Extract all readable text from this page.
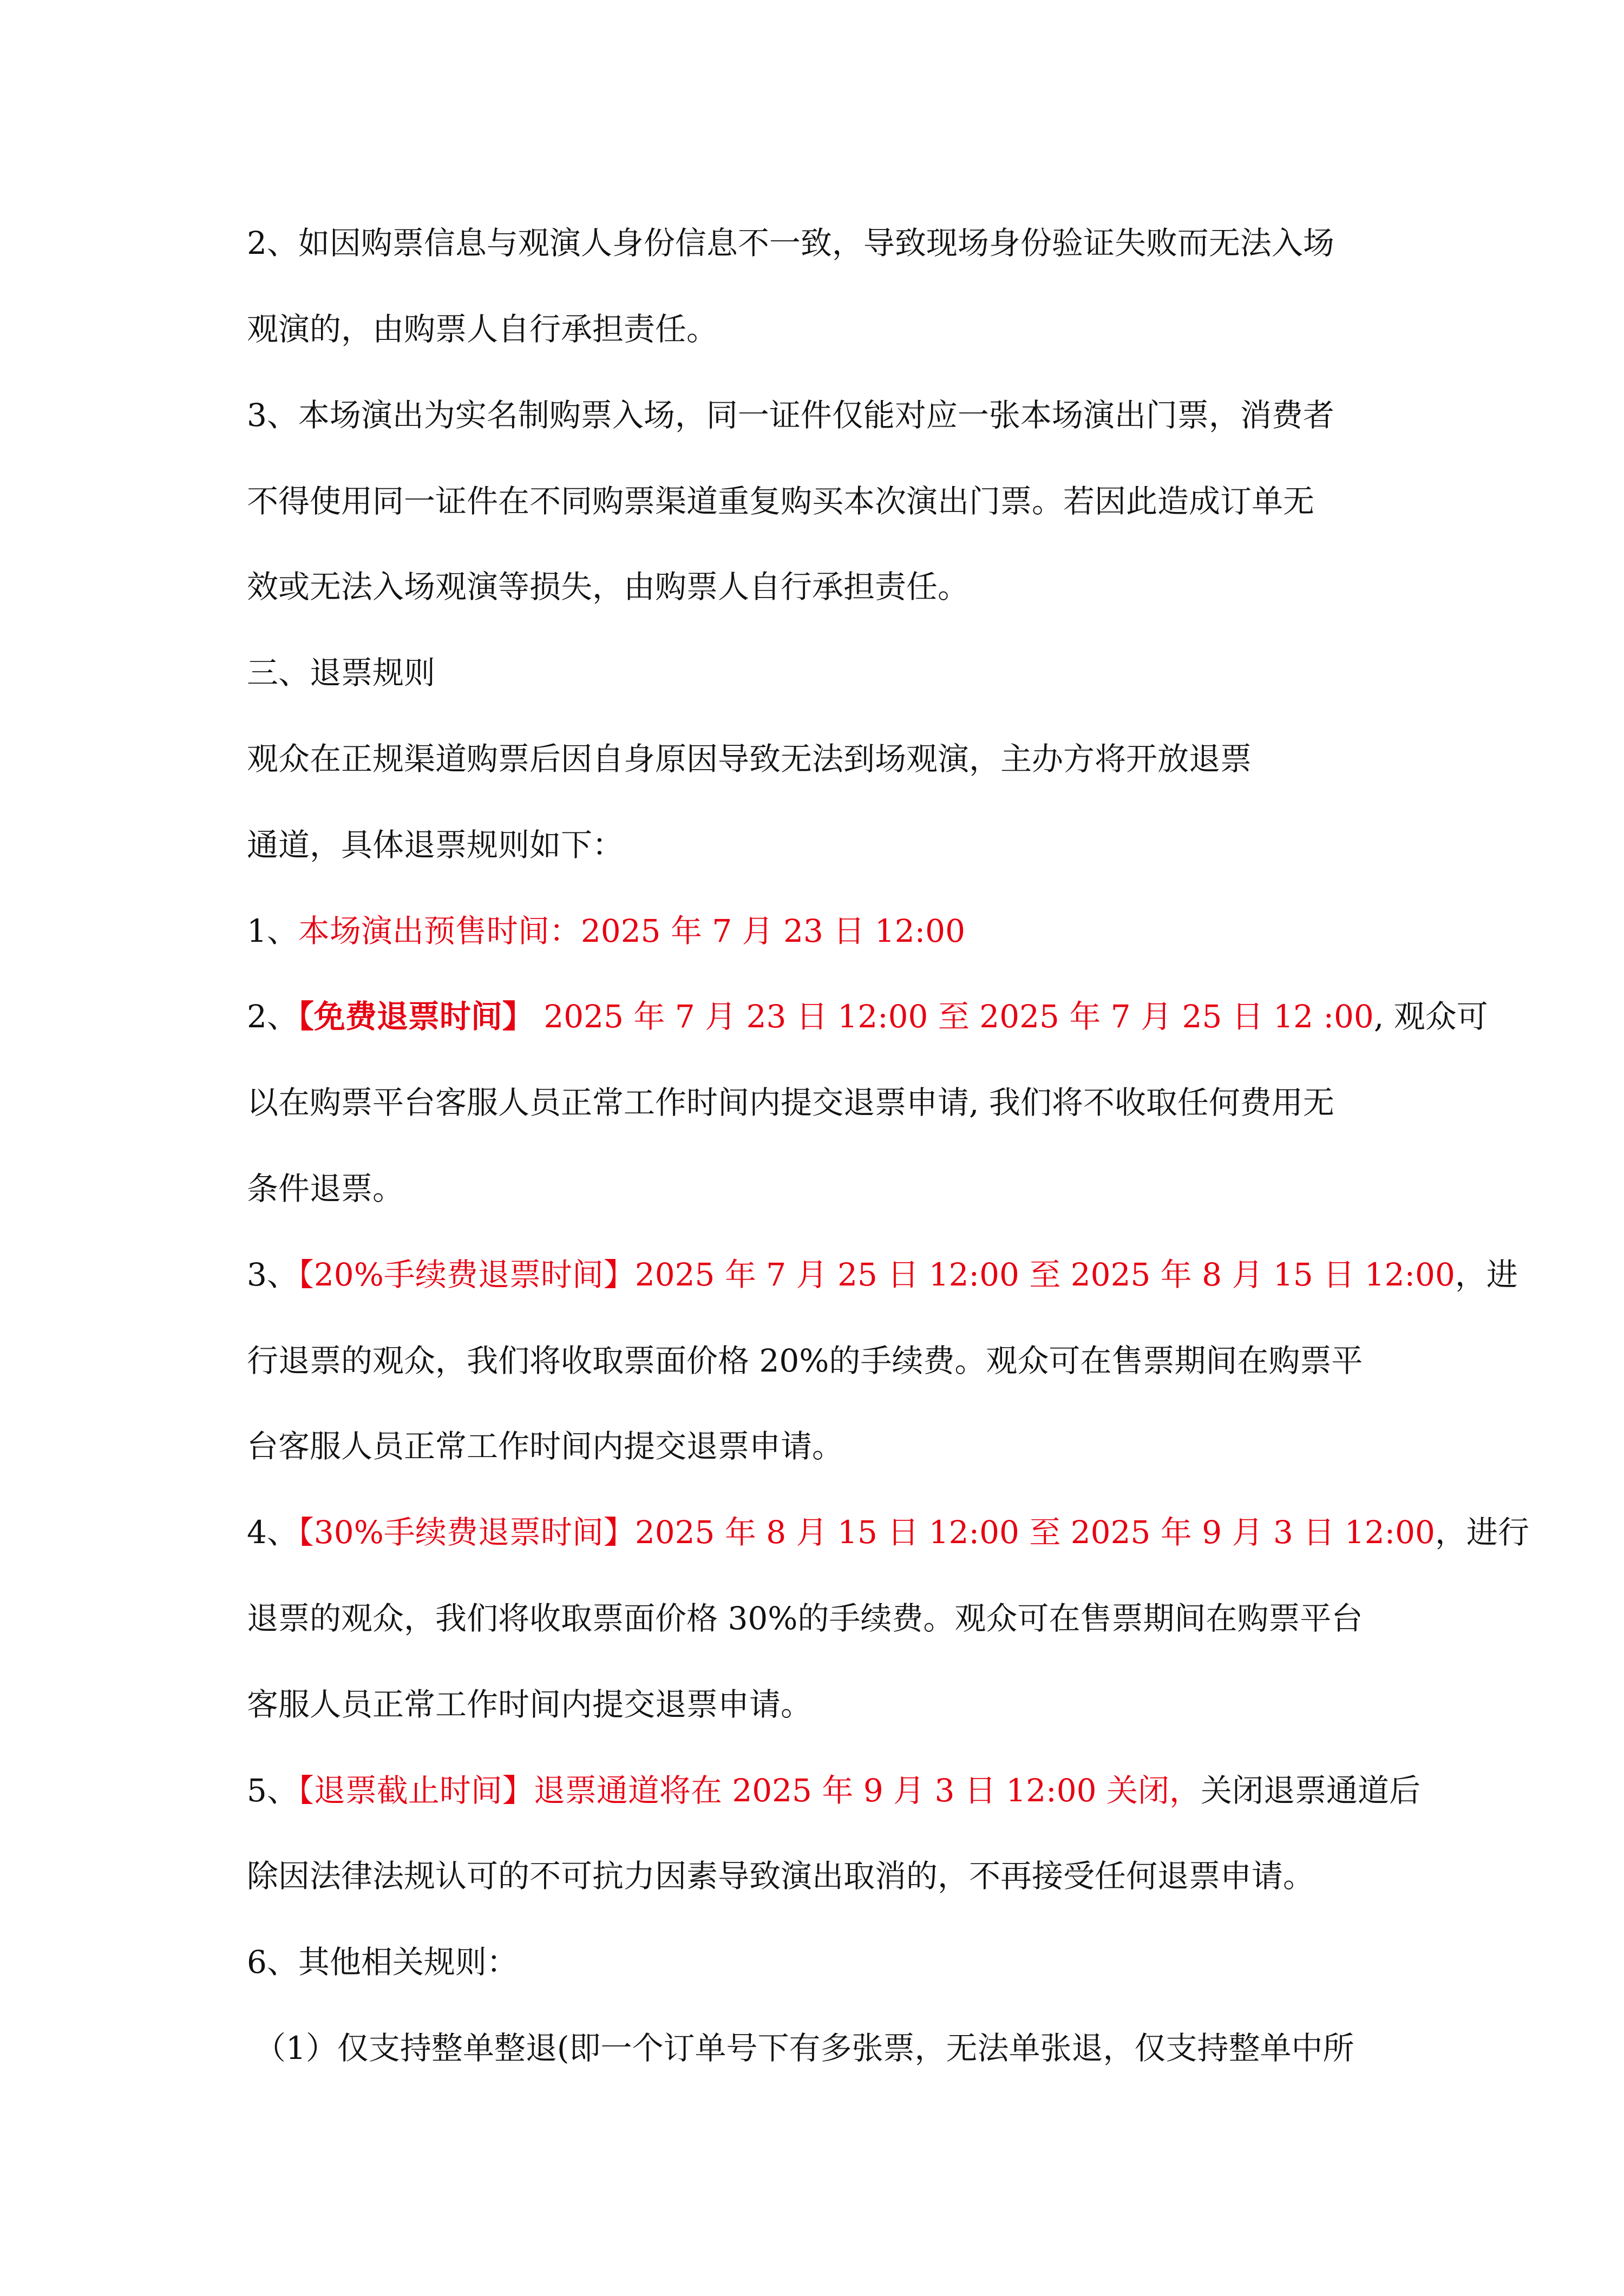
2、如因购票信息与观演人身份信息不一致，导致现场身份验证失败而无法入场
观演的，由购票人自行承担责任。
3、本场演出为实名制购票入场，同一证件仅能对应一张本场演出门票，消费者
不得使用同一证件在不同购票渠道重复购买本次演出门票。若因此造成订单无
效或无法入场观演等损失，由购票人自行承担责任。
三、退票规则
观众在正规渠道购票后因自身原因导致无法到场观演，主办方将开放退票
通道，具体退票规则如下：
1、本场演出预售时间：2025 年 7 月 23 日 12:00
2、【免费退票时间】 2025 年 7 月 23 日 12:00 至 2025 年 7 月 25 日 12 :00, 观众可
以在购票平台客服人员正常工作时间内提交退票申请, 我们将不收取任何费用无
条件退票。
3、【20%手续费退票时间】2025 年 7 月 25 日 12:00 至 2025 年 8 月 15 日 12:00，进
行退票的观众，我们将收取票面价格 20%的手续费。观众可在售票期间在购票平
台客服人员正常工作时间内提交退票申请。
4、【30%手续费退票时间】2025 年 8 月 15 日 12:00 至 2025 年 9 月 3 日 12:00，进行
退票的观众，我们将收取票面价格 30%的手续费。观众可在售票期间在购票平台
客服人员正常工作时间内提交退票申请。
5、【退票截止时间】退票通道将在 2025 年 9 月 3 日 12:00 关闭，关闭退票通道后
除因法律法规认可的不可抗力因素导致演出取消的，不再接受任何退票申请。
6、其他相关规则：
（1）仅支持整单整退(即一个订单号下有多张票，无法单张退，仅支持整单中所
